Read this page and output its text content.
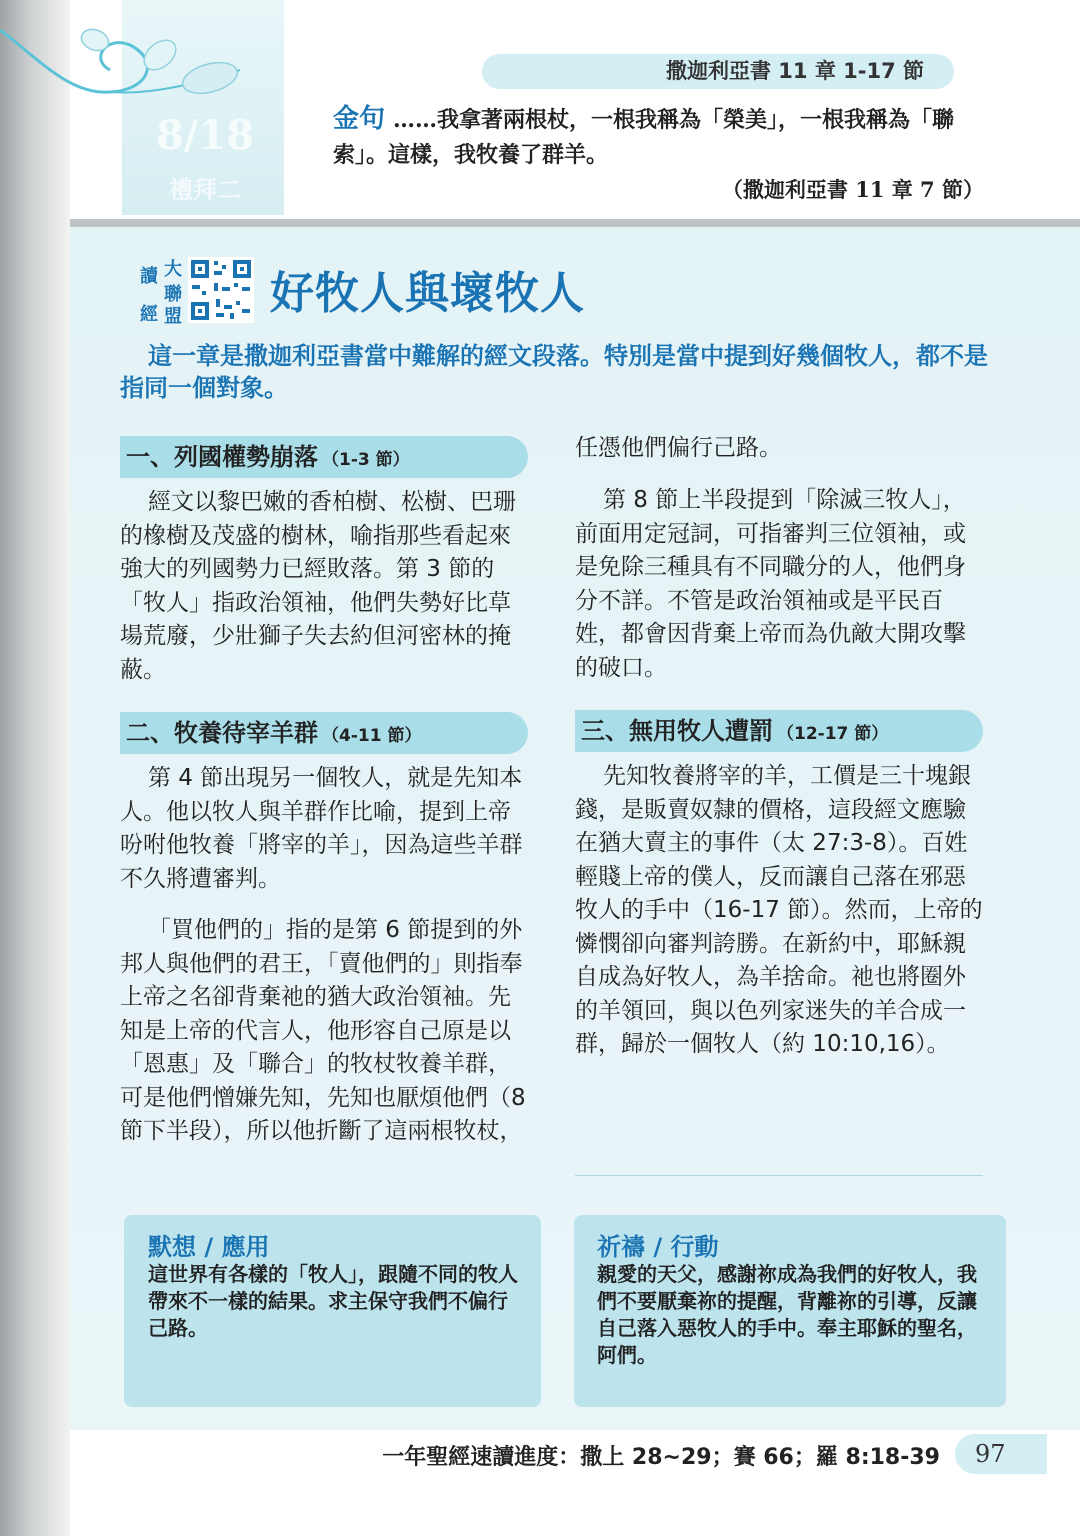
8/18
禮拜二
撒迦利亞書 11 章 1-17 節
金句 ……我拿著兩根杖，一根我稱為「榮美」，一根我稱為「聯索」。這樣，我牧養了群羊。
（撒迦利亞書 11 章 7 節）
讀 大
聯
經 盟 好牧人與壞牧人

這一章是撒迦利亞書當中難解的經文段落。特別是當中提到好幾個牧人，都不是指同一個對象。

一、列國權勢崩落 （1-3 節）

經文以黎巴嫩的香柏樹、松樹、巴珊的橡樹及茂盛的樹林，喻指那些看起來強大的列國勢力已經敗落。第 3 節的「牧人」指政治領袖，他們失勢好比草場荒廢，少壯獅子失去約但河密林的掩蔽。

二、牧養待宰羊群 （4-11 節）

第 4 節出現另一個牧人，就是先知本人。他以牧人與羊群作比喻，提到上帝吩咐他牧養「將宰的羊」，因為這些羊群不久將遭審判。

「買他們的」指的是第 6 節提到的外邦人與他們的君王，「賣他們的」則指奉上帝之名卻背棄祂的猶大政治領袖。先知是上帝的代言人，他形容自己原是以「恩惠」及「聯合」的牧杖牧養羊群，可是他們憎嫌先知，先知也厭煩他們（8 節下半段），所以他折斷了這兩根牧杖，

任憑他們偏行己路。

第 8 節上半段提到「除滅三牧人」，前面用定冠詞，可指審判三位領袖，或是免除三種具有不同職分的人，他們身分不詳。不管是政治領袖或是平民百姓，都會因背棄上帝而為仇敵大開攻擊的破口。

三、無用牧人遭罰 （12-17 節）

先知牧養將宰的羊，工價是三十塊銀錢，是販賣奴隸的價格，這段經文應驗在猶大賣主的事件（太 27:3-8）。百姓輕賤上帝的僕人，反而讓自己落在邪惡牧人的手中（16-17 節）。然而，上帝的憐憫卻向審判誇勝。在新約中，耶穌親自成為好牧人，為羊捨命。祂也將圈外的羊領回，與以色列家迷失的羊合成一群，歸於一個牧人（約 10:10,16）。

默想 / 應用
這世界有各樣的「牧人」，跟隨不同的牧人帶來不一樣的結果。求主保守我們不偏行己路。
祈禱 / 行動
親愛的天父，感謝祢成為我們的好牧人，我們不要厭棄祢的提醒，背離祢的引導，反讓自己落入惡牧人的手中。奉主耶穌的聖名，阿們。
一年聖經速讀進度：撒上 28~29；賽 66；羅 8:18-39	97
